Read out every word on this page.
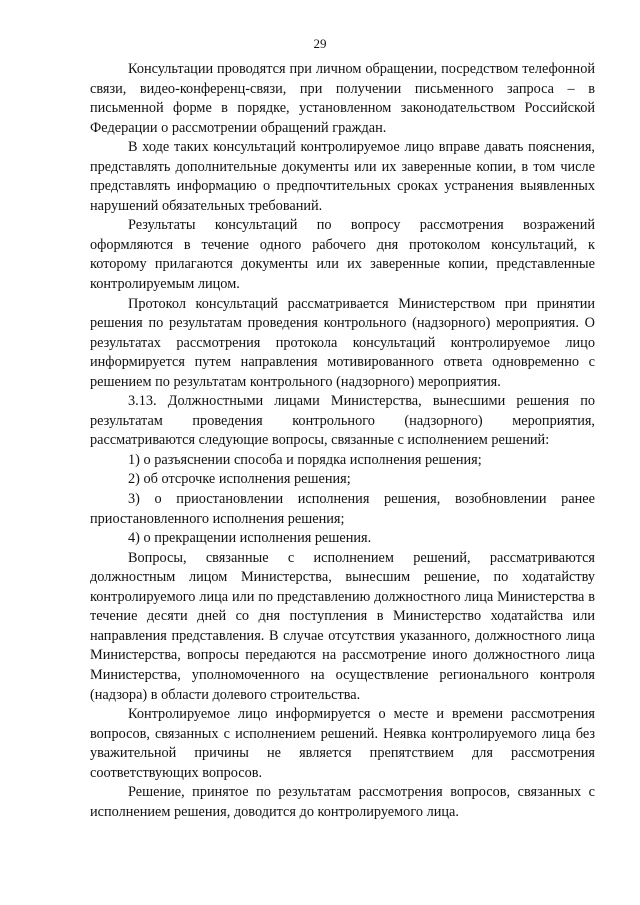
29

Консультации проводятся при личном обращении, посредством телефонной связи, видео-конференц-связи, при получении письменного запроса – в письменной форме в порядке, установленном законодательством Российской Федерации о рассмотрении обращений граждан.

В ходе таких консультаций контролируемое лицо вправе давать пояснения, представлять дополнительные документы или их заверенные копии, в том числе представлять информацию о предпочтительных сроках устранения выявленных нарушений обязательных требований.

Результаты консультаций по вопросу рассмотрения возражений оформляются в течение одного рабочего дня протоколом консультаций, к которому прилагаются документы или их заверенные копии, представленные контролируемым лицом.

Протокол консультаций рассматривается Министерством при принятии решения по результатам проведения контрольного (надзорного) мероприятия. О результатах рассмотрения протокола консультаций контролируемое лицо информируется путем направления мотивированного ответа одновременно с решением по результатам контрольного (надзорного) мероприятия.

3.13. Должностными лицами Министерства, вынесшими решения по результатам проведения контрольного (надзорного) мероприятия, рассматриваются следующие вопросы, связанные с исполнением решений:

1) о разъяснении способа и порядка исполнения решения;

2) об отсрочке исполнения решения;

3) о приостановлении исполнения решения, возобновлении ранее приостановленного исполнения решения;

4) о прекращении исполнения решения.

Вопросы, связанные с исполнением решений, рассматриваются должностным лицом Министерства, вынесшим решение, по ходатайству контролируемого лица или по представлению должностного лица Министерства в течение десяти дней со дня поступления в Министерство ходатайства или направления представления. В случае отсутствия указанного, должностного лица Министерства, вопросы передаются на рассмотрение иного должностного лица Министерства, уполномоченного на осуществление регионального контроля (надзора) в области долевого строительства.

Контролируемое лицо информируется о месте и времени рассмотрения вопросов, связанных с исполнением решений. Неявка контролируемого лица без уважительной причины не является препятствием для рассмотрения соответствующих вопросов.

Решение, принятое по результатам рассмотрения вопросов, связанных с исполнением решения, доводится до контролируемого лица.
